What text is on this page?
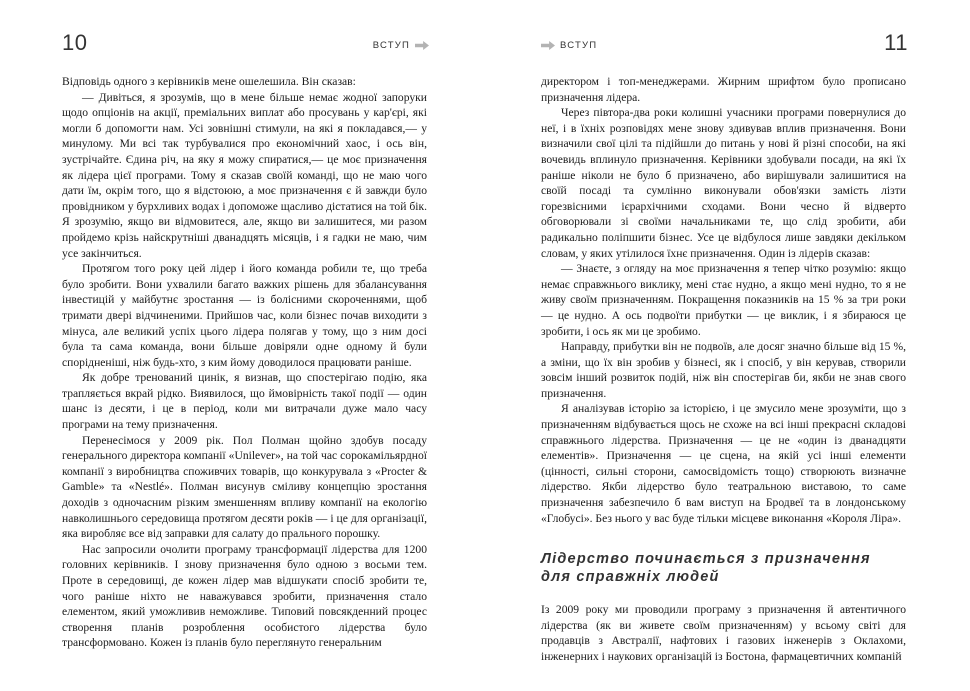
10	ВСТУП

Відповідь одного з керівників мене ошелешила. Він сказав:

— Дивіться, я зрозумів, що в мене більше немає жодної запоруки щодо опціонів на акції, преміальних виплат або просувань у кар'єрі, які могли б допомогти нам. Усі зовнішні стимули, на які я покладався,— у минулому. Ми всі так турбувалися про економічний хаос, і ось він, зустрічайте. Єдина річ, на яку я можу спиратися,— це моє призначення як лідера цієї програми. Тому я сказав своїй команді, що не маю чого дати їм, окрім того, що я відстоюю, а моє призначення є й завжди було провідником у бурхливих водах і допоможе щасливо дістатися на той бік. Я зрозумію, якщо ви відмовитеся, але, якщо ви залишитеся, ми разом пройдемо крізь найскрутніші дванадцять місяців, і я гадки не маю, чим усе закінчиться.

Протягом того року цей лідер і його команда робили те, що треба було зробити. Вони ухвалили багато важких рішень для збалансування інвестицій у майбутнє зростання — із болісними скороченнями, щоб тримати двері відчиненими. Прийшов час, коли бізнес почав виходити з мінуса, але великий успіх цього лідера полягав у тому, що з ним досі була та сама команда, вони більше довіряли одне одному й були спорідненіші, ніж будь-хто, з ким йому доводилося працювати раніше.

Як добре тренований цинік, я визнав, що спостерігаю подію, яка трапляється вкрай рідко. Виявилося, що ймовірність такої події — один шанс із десяти, і це в період, коли ми витрачали дуже мало часу програми на тему призначення.

Перенесімося у 2009 рік. Пол Полман щойно здобув посаду генерального директора компанії «Unilever», на той час сорокамільярдної компанії з виробництва споживчих товарів, що конкурувала з «Procter & Gamble» та «Nestlé». Полман висунув сміливу концепцію зростання доходів з одночасним різким зменшенням впливу компанії на екологію навколишнього середовища протягом десяти років — і це для організації, яка виробляє все від заправки для салату до прального порошку.

Нас запросили очолити програму трансформації лідерства для 1200 головних керівників. І знову призначення було одною з восьми тем. Проте в середовищі, де кожен лідер мав відшукати спосіб зробити те, чого раніше ніхто не наважувався зробити, призначення стало елементом, який уможливив неможливе. Типовий повсякденний процес створення планів розроблення особистого лідерства було трансформовано. Кожен із планів було переглянуто генеральним

11
ВСТУП

директором і топ-менеджерами. Жирним шрифтом було прописано призначення лідера.

Через півтора-два роки колишні учасники програми повернулися до неї, і в їхніх розповідях мене знову здивував вплив призначення. Вони визначили свої цілі та підійшли до питань у нові й різні способи, на які вочевидь вплинуло призначення. Керівники здобували посади, на які їх раніше ніколи не було б призначено, або вирішували залишитися на своїй посаді та сумлінно виконували обов'язки замість лізти горезвісними ієрархічними сходами. Вони чесно й відверто обговорювали зі своїми начальниками те, що слід зробити, аби радикально поліпшити бізнес. Усе це відбулося лише завдяки декільком словам, у яких утілилося їхнє призначення. Один із лідерів сказав:

— Знаєте, з огляду на моє призначення я тепер чітко розумію: якщо немає справжнього виклику, мені стає нудно, а якщо мені нудно, то я не живу своїм призначенням. Покращення показників на 15 % за три роки — це нудно. А ось подвоїти прибутки — це виклик, і я збираюся це зробити, і ось як ми це зробимо.

Направду, прибутки він не подвоїв, але досяг значно більше від 15 %, а зміни, що їх він зробив у бізнесі, як і спосіб, у він керував, створили зовсім інший розвиток подій, ніж він спостерігав би, якби не знав свого призначення.

Я аналізував історію за історією, і це змусило мене зрозуміти, що з призначенням відбувається щось не схоже на всі інші прекрасні складові справжнього лідерства. Призначення — це не «один із дванадцяти елементів». Призначення — це сцена, на якій усі інші елементи (цінності, сильні сторони, самосвідомість тощо) створюють визначне лідерство. Якби лідерство було театральною виставою, то саме призначення забезпечило б вам виступ на Бродвеї та в лондонському «Глобусі». Без нього у вас буде тільки місцеве виконання «Короля Ліра».

Лідерство починається з призначення
для справжніх людей

Із 2009 року ми проводили програму з призначення й автентичного лідерства (як ви живете своїм призначенням) у всьому світі для продавців з Австралії, нафтових і газових інженерів з Оклахоми, інженерних і наукових організацій із Бостона, фармацевтичних компаній
